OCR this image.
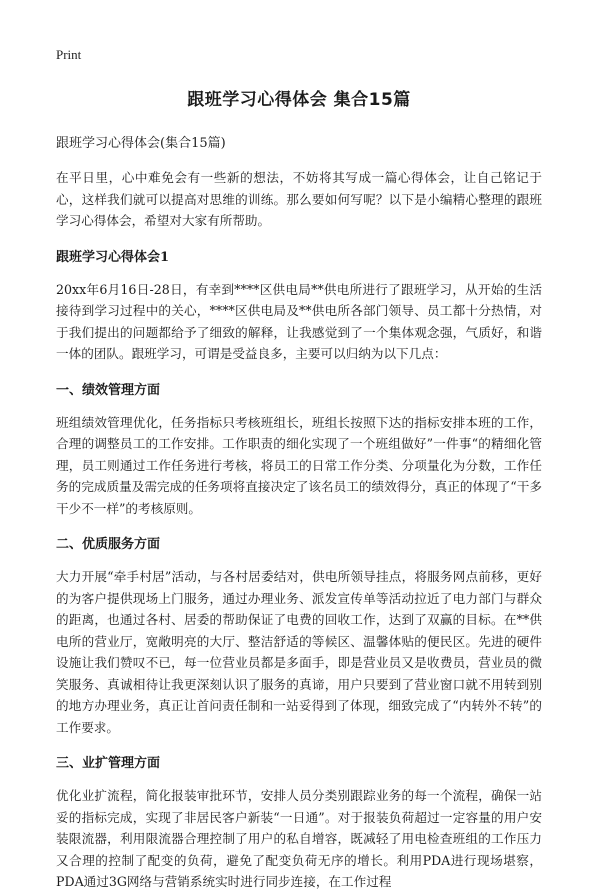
Print
跟班学习心得体会 集合15篇
跟班学习心得体会(集合15篇)

在平日里，心中难免会有一些新的想法，不妨将其写成一篇心得体会，让自己铭记于心，这样我们就可以提高对思维的训练。那么要如何写呢？以下是小编精心整理的跟班学习心得体会，希望对大家有所帮助。

跟班学习心得体会1

20xx年6月16日-28日，有幸到****区供电局**供电所进行了跟班学习，从开始的生活接待到学习过程中的关心，****区供电局及**供电所各部门领导、员工都十分热情，对于我们提出的问题都给予了细致的解释，让我感觉到了一个集体观念强，气质好，和谐一体的团队。跟班学习，可谓是受益良多，主要可以归纳为以下几点：

一、绩效管理方面

班组绩效管理优化，任务指标只考核班组长，班组长按照下达的指标安排本班的工作，合理的调整员工的工作安排。工作职责的细化实现了一个班组做好”一件事“的精细化管理，员工则通过工作任务进行考核，将员工的日常工作分类、分项量化为分数，工作任务的完成质量及需完成的任务项将直接决定了该名员工的绩效得分，真正的体现了“干多干少不一样”的考核原则。

二、优质服务方面

大力开展“牵手村居”活动，与各村居委结对，供电所领导挂点，将服务网点前移，更好的为客户提供现场上门服务，通过办理业务、派发宣传单等活动拉近了电力部门与群众的距离，也通过各村、居委的帮助保证了电费的回收工作，达到了双赢的目标。在**供电所的营业厅，宽敞明亮的大厅、整洁舒适的等候区、温馨体贴的便民区。先进的硬件设施让我们赞叹不已，每一位营业员都是多面手，即是营业员又是收费员，营业员的微笑服务、真诚相待让我更深刻认识了服务的真谛，用户只要到了营业窗口就不用转到别的地方办理业务，真正让首问责任制和一站妥得到了体现，细致完成了“内转外不转”的工作要求。

三、业扩管理方面

优化业扩流程，简化报装审批环节，安排人员分类别跟踪业务的每一个流程，确保一站妥的指标完成，实现了非居民客户新装“一日通”。对于报装负荷超过一定容量的用户安装限流器，利用限流器合理控制了用户的私自增容，既减轻了用电检查班组的工作压力又合理的控制了配变的负荷，避免了配变负荷无序的增长。利用PDA进行现场堪察，PDA通过3G网络与营销系统实时进行同步连接，在工作过程
